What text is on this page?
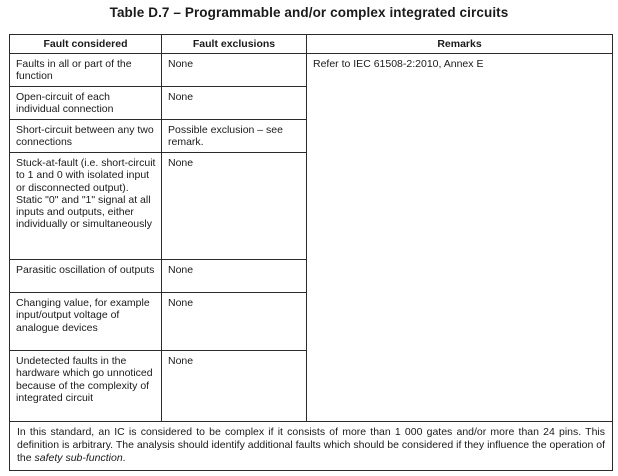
Table D.7 – Programmable and/or complex integrated circuits
Fault considered	Fault exclusions	Remarks
Faults in all or part of the function	None	Refer to IEC 61508-2:2010, Annex E
Open-circuit of each individual connection	None	
Short-circuit between any two connections	Possible exclusion – see remark.	
Stuck-at-fault (i.e. short-circuit to 1 and 0 with isolated input or disconnected output). Static "0" and "1" signal at all inputs and outputs, either individually or simultaneously	None	
Parasitic oscillation of outputs	None	
Changing value, for example input/output voltage of analogue devices	None	
Undetected faults in the hardware which go unnoticed because of the complexity of integrated circuit	None	
In this standard, an IC is considered to be complex if it consists of more than 1 000 gates and/or more than 24 pins. This definition is arbitrary. The analysis should identify additional faults which should be considered if they influence the operation of the safety sub-function.		
